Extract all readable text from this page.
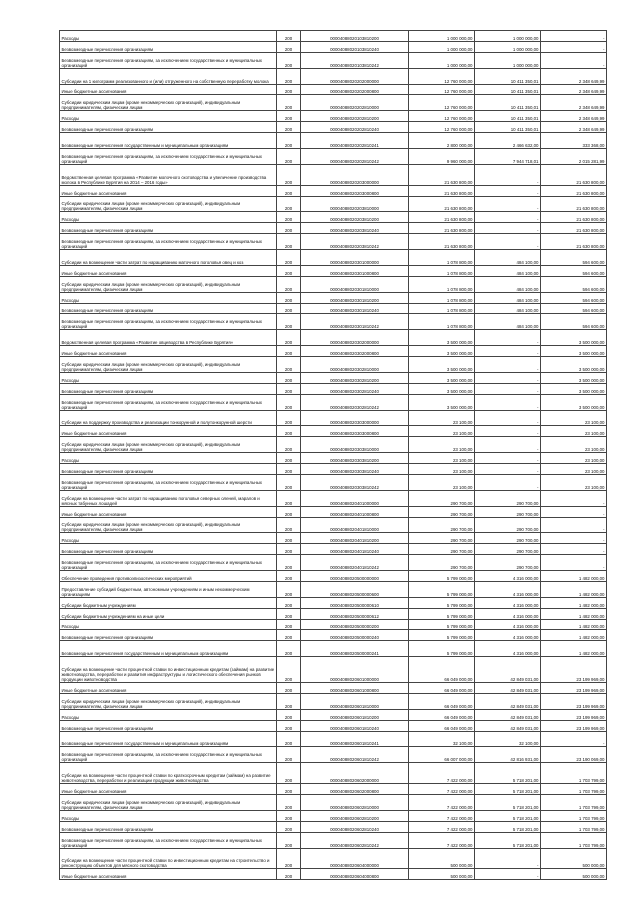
Расходы	200	00004088020103810200	1 000 000,00	1 000 000,00	-
Безвозмездные перечисления организациям	200	00004088020103810240	1 000 000,00	1 000 000,00	-
Безвозмездные перечисления организациям, за исключением государственных и муниципальных организаций	200	00004088020103810242	1 000 000,00	1 000 000,00	-
Субсидии на 1 килограмм реализованного и (или) отгруженного на собственную переработку молока	200	00004088020202000000	12 760 000,00	10 411 350,01	2 348 649,99
Иные бюджетные ассигнования	200	00004088020202000800	12 760 000,00	10 411 350,01	2 348 649,99
Субсидии юридическим лицам (кроме некоммерческих организаций), индивидуальным предпринимателям, физическим лицам	200	00004088020202810000	12 760 000,00	10 411 350,01	2 348 649,99
Расходы	200	00004088020202810200	12 760 000,00	10 411 350,01	2 348 649,99
Безвозмездные перечисления организациям	200	00004088020202810240	12 760 000,00	10 411 350,01	2 348 649,99
Безвозмездные перечисления государственным и муниципальным организациям	200	00004088020202810241	2 800 000,00	2 466 632,00	333 368,00
Безвозмездные перечисления организациям, за исключением государственных и муниципальных организаций	200	00004088020202810242	9 960 000,00	7 944 718,01	2 015 281,99
Ведомственная целевая программа «Развитие молочного скотоводства и увеличение производства молока в Республике Бурятия на 2014 – 2016 годы»	200	00004088020203000000	21 630 800,00	-	21 630 800,00
Иные бюджетные ассигнования	200	00004088020203000800	21 630 800,00	-	21 630 800,00
Субсидии юридическим лицам (кроме некоммерческих организаций), индивидуальным предпринимателям, физическим лицам	200	00004088020203810000	21 630 800,00	-	21 630 800,00
Расходы	200	00004088020203810200	21 630 800,00	-	21 630 800,00
Безвозмездные перечисления организациям	200	00004088020203810240	21 630 800,00	-	21 630 800,00
Безвозмездные перечисления организациям, за исключением государственных и муниципальных организаций	200	00004088020203810242	21 630 800,00	-	21 630 800,00
Субсидии на возмещение части затрат по наращиванию маточного поголовья овец и коз	200	00004088020301000000	1 078 800,00	484 100,00	594 600,00
Иные бюджетные ассигнования	200	00004088020301000800	1 078 800,00	484 100,00	594 600,00
Субсидии юридическим лицам (кроме некоммерческих организаций), индивидуальным предпринимателям, физическим лицам	200	00004088020301810000	1 078 800,00	484 100,00	594 600,00
Расходы	200	00004088020301810200	1 078 800,00	484 100,00	594 600,00
Безвозмездные перечисления организациям	200	00004088020301810240	1 078 800,00	484 100,00	594 600,00
Безвозмездные перечисления организациям, за исключением государственных и муниципальных организаций	200	00004088020301810242	1 078 800,00	484 100,00	594 600,00
Ведомственная целевая программа «Развитие овцеводства в Республике Бурятия»	200	00004088020302000000	3 500 000,00	-	3 500 000,00
Иные бюджетные ассигнования	200	00004088020302000800	3 500 000,00	-	3 500 000,00
Субсидии юридическим лицам (кроме некоммерческих организаций), индивидуальным предпринимателям, физическим лицам	200	00004088020302810000	3 500 000,00	-	3 500 000,00
Расходы	200	00004088020302810200	3 500 000,00	-	3 500 000,00
Безвозмездные перечисления организациям	200	00004088020302810240	3 500 000,00	-	3 500 000,00
Безвозмездные перечисления организациям, за исключением государственных и муниципальных организаций	200	00004088020302810242	3 500 000,00	-	3 500 000,00
Субсидии на поддержку производства и реализации тонкорунной и полутонкорунной шерсти	200	00004088020303000000	23 100,00	-	23 100,00
Иные бюджетные ассигнования	200	00004088020303000800	23 100,00	-	23 100,00
Субсидии юридическим лицам (кроме некоммерческих организаций), индивидуальным предпринимателям, физическим лицам	200	00004088020303810000	23 100,00	-	23 100,00
Расходы	200	00004088020303810200	23 100,00	-	23 100,00
Безвозмездные перечисления организациям	200	00004088020303810240	23 100,00	-	23 100,00
Безвозмездные перечисления организациям, за исключением государственных и муниципальных организаций	200	00004088020303810242	23 100,00	-	23 100,00
Субсидии на возмещение части затрат по наращиванию поголовья северных оленей, маралов и мясных табунных лошадей	200	00004088020401000000	290 700,00	290 700,00	-
Иные бюджетные ассигнования	200	00004088020401000800	290 700,00	290 700,00	-
Субсидии юридическим лицам (кроме некоммерческих организаций), индивидуальным предпринимателям, физическим лицам	200	00004088020401810000	290 700,00	290 700,00	-
Расходы	200	00004088020401810200	290 700,00	290 700,00	-
Безвозмездные перечисления организациям	200	00004088020401810240	290 700,00	290 700,00	-
Безвозмездные перечисления организациям, за исключением государственных и муниципальных организаций	200	00004088020401810242	290 700,00	290 700,00	-
Обеспечение проведения противоэпизоотических мероприятий	200	00004088020500000000	5 799 000,00	4 316 000,00	1 482 000,00
Предоставление субсидий бюджетным, автономным учреждениям и иным некоммерческим организациям	200	00004088020500000600	5 799 000,00	4 316 000,00	1 482 000,00
Субсидии бюджетным учреждениям	200	00004088020500000610	5 799 000,00	4 316 000,00	1 482 000,00
Субсидии бюджетным учреждениям на иные цели	200	00004088020500000612	5 799 000,00	4 316 000,00	1 482 000,00
Расходы	200	00004088020500000200	5 799 000,00	4 316 000,00	1 482 000,00
Безвозмездные перечисления организациям	200	00004088020500000240	5 799 000,00	4 316 000,00	1 482 000,00
Безвозмездные перечисления государственным и муниципальным организациям	200	00004088020500000241	5 799 000,00	4 316 000,00	1 482 000,00
Субсидии на возмещение части процентной ставки по инвестиционным кредитам (займам) на развитие животноводства, переработки и развития инфраструктуры и логистического обеспечения рынков продукции животноводства	200	00004088020601000000	66 049 000,00	42 849 031,00	23 199 969,00
Иные бюджетные ассигнования	200	00004088020601000800	66 049 000,00	42 849 031,00	23 199 969,00
Субсидии юридическим лицам (кроме некоммерческих организаций), индивидуальным предпринимателям, физическим лицам	200	00004088020601810000	66 049 000,00	42 849 031,00	23 199 969,00
Расходы	200	00004088020601810200	66 049 000,00	42 849 031,00	23 199 969,00
Безвозмездные перечисления организациям	200	00004088020601810240	66 049 000,00	42 849 031,00	23 199 969,00
Безвозмездные перечисления государственным и муниципальным организациям	200	00004088020601810241	32 100,00	32 100,00	-
Безвозмездные перечисления организациям, за исключением государственных и муниципальных организаций	200	00004088020601810242	66 007 000,00	42 816 931,00	23 190 069,00
Субсидии на возмещение части процентной ставки по краткосрочным кредитам (займам) на развитие животноводства, переработки и реализации продукции животноводства	200	00004088020602000000	7 422 000,00	5 718 201,00	1 703 799,00
Иные бюджетные ассигнования	200	00004088020602000800	7 422 000,00	5 718 201,00	1 703 799,00
Субсидии юридическим лицам (кроме некоммерческих организаций), индивидуальным предпринимателям, физическим лицам	200	00004088020602810000	7 422 000,00	5 718 201,00	1 703 799,00
Расходы	200	00004088020602810200	7 422 000,00	5 718 201,00	1 703 799,00
Безвозмездные перечисления организациям	200	00004088020602810240	7 422 000,00	5 718 201,00	1 703 799,00
Безвозмездные перечисления организациям, за исключением государственных и муниципальных организаций	200	00004088020602810242	7 422 000,00	5 718 201,00	1 703 799,00
Субсидии на возмещение части процентной ставки по инвестиционным кредитам на строительство и реконструкцию объектов для мясного скотоводства	200	00004088020604000000	500 000,00	-	500 000,00
Иные бюджетные ассигнования	200	00004088020604000800	500 000,00	-	500 000,00
